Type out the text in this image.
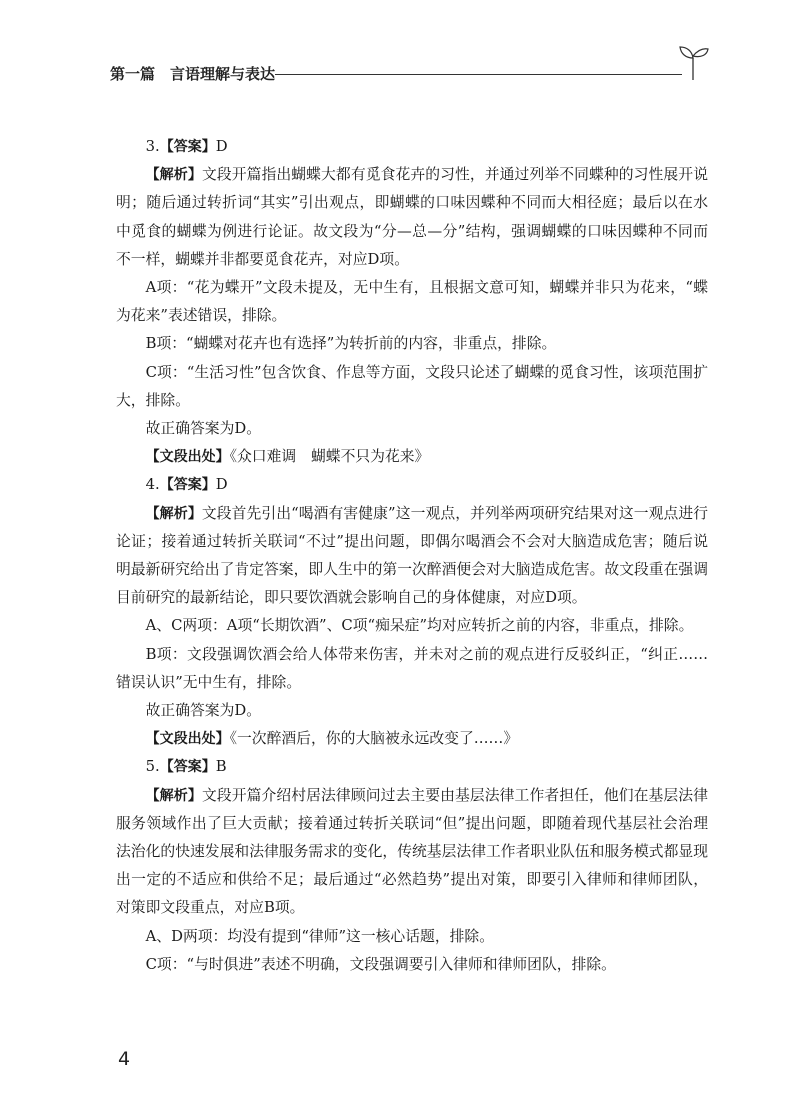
第一篇　言语理解与表达

3.【答案】D

【解析】文段开篇指出蝴蝶大都有觅食花卉的习性，并通过列举不同蝶种的习性展开说明；随后通过转折词“其实”引出观点，即蝴蝶的口味因蝶种不同而大相径庭；最后以在水中觅食的蝴蝶为例进行论证。故文段为“分—总—分”结构，强调蝴蝶的口味因蝶种不同而不一样，蝴蝶并非都要觅食花卉，对应D项。

A项：“花为蝶开”文段未提及，无中生有，且根据文意可知，蝴蝶并非只为花来，“蝶为花来”表述错误，排除。

B项：“蝴蝶对花卉也有选择”为转折前的内容，非重点，排除。

C项：“生活习性”包含饮食、作息等方面，文段只论述了蝴蝶的觅食习性，该项范围扩大，排除。

故正确答案为D。

【文段出处】《众口难调　蝴蝶不只为花来》

4.【答案】D

【解析】文段首先引出“喝酒有害健康”这一观点，并列举两项研究结果对这一观点进行论证；接着通过转折关联词“不过”提出问题，即偶尔喝酒会不会对大脑造成危害；随后说明最新研究给出了肯定答案，即人生中的第一次醉酒便会对大脑造成危害。故文段重在强调目前研究的最新结论，即只要饮酒就会影响自己的身体健康，对应D项。

A、C两项：A项“长期饮酒”、C项“痴呆症”均对应转折之前的内容，非重点，排除。

B项：文段强调饮酒会给人体带来伤害，并未对之前的观点进行反驳纠正，“纠正……错误认识”无中生有，排除。

故正确答案为D。

【文段出处】《一次醉酒后，你的大脑被永远改变了……》

5.【答案】B

【解析】文段开篇介绍村居法律顾问过去主要由基层法律工作者担任，他们在基层法律服务领域作出了巨大贡献；接着通过转折关联词“但”提出问题，即随着现代基层社会治理法治化的快速发展和法律服务需求的变化，传统基层法律工作者职业队伍和服务模式都显现出一定的不适应和供给不足；最后通过“必然趋势”提出对策，即要引入律师和律师团队，对策即文段重点，对应B项。

A、D两项：均没有提到“律师”这一核心话题，排除。

C项：“与时俱进”表述不明确，文段强调要引入律师和律师团队，排除。

4
